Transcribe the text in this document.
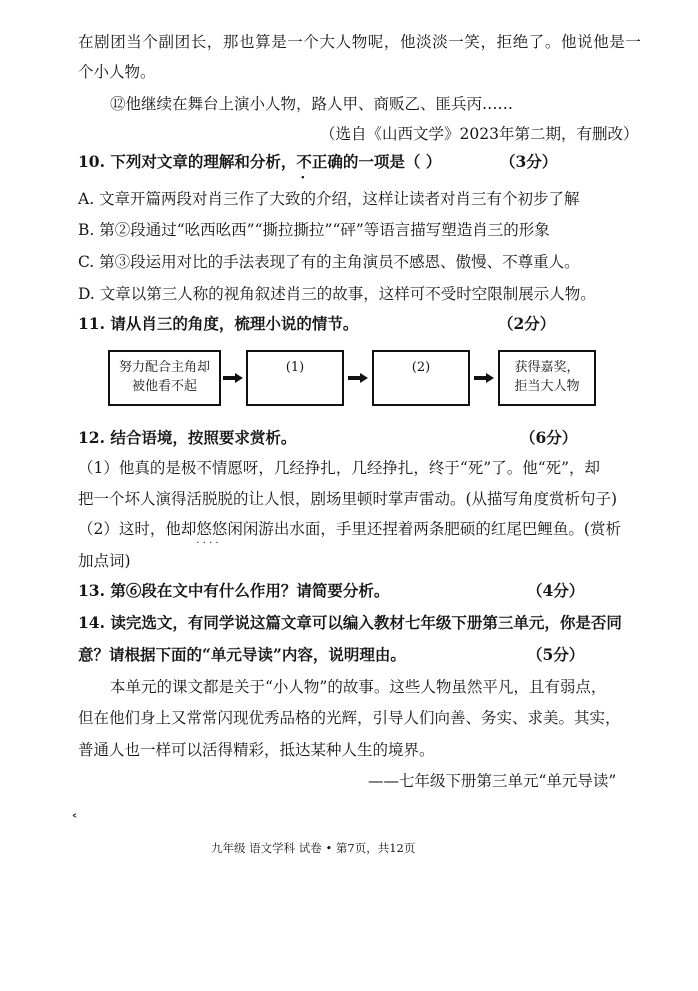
在剧团当个副团长，那也算是一个大人物呢，他淡淡一笑，拒绝了。他说他是一
个小人物。
⑫他继续在舞台上演小人物，路人甲、商贩乙、匪兵丙……
（选自《山西文学》2023年第二期，有删改）
10. 下列对文章的理解和分析，不正确的一项是（ ）	（3分）
A. 文章开篇两段对肖三作了大致的介绍，这样让读者对肖三有个初步了解
B. 第②段通过“吆西吆西”“撕拉撕拉”“砰”等语言描写塑造肖三的形象
C. 第③段运用对比的手法表现了有的主角演员不感恩、傲慢、不尊重人。
D. 文章以第三人称的视角叙述肖三的故事，这样可不受时空限制展示人物。
11. 请从肖三的角度，梳理小说的情节。	（2分）
努力配合主角却
被他看不起
(1)	(2)	获得嘉奖，
拒当大人物
12. 结合语境，按照要求赏析。	（6分）
（1）他真的是极不情愿呀，几经挣扎，几经挣扎，终于“死”了。他“死”，却
把一个坏人演得活脱脱的让人恨，剧场里顿时掌声雷动。(从描写角度赏析句子)
（2）这时，他却悠悠闲闲 · · · ·游出水面，手里还捏着两条肥硕的红尾巴鲤鱼。(赏析
加点词)
13. 第⑥段在文中有什么作用？请简要分析。	（4分）
14. 读完选文，有同学说这篇文章可以编入教材七年级下册第三单元，你是否同
意？请根据下面的“单元导读”内容，说明理由。	（5分）
本单元的课文都是关于“小人物”的故事。这些人物虽然平凡，且有弱点，
但在他们身上又常常闪现优秀品格的光辉，引导人们向善、务实、求美。其实，
普通人也一样可以活得精彩，抵达某种人生的境界。
——七年级下册第三单元“单元导读”
˂
九年级 语文学科 试卷 • 第7页，共12页
